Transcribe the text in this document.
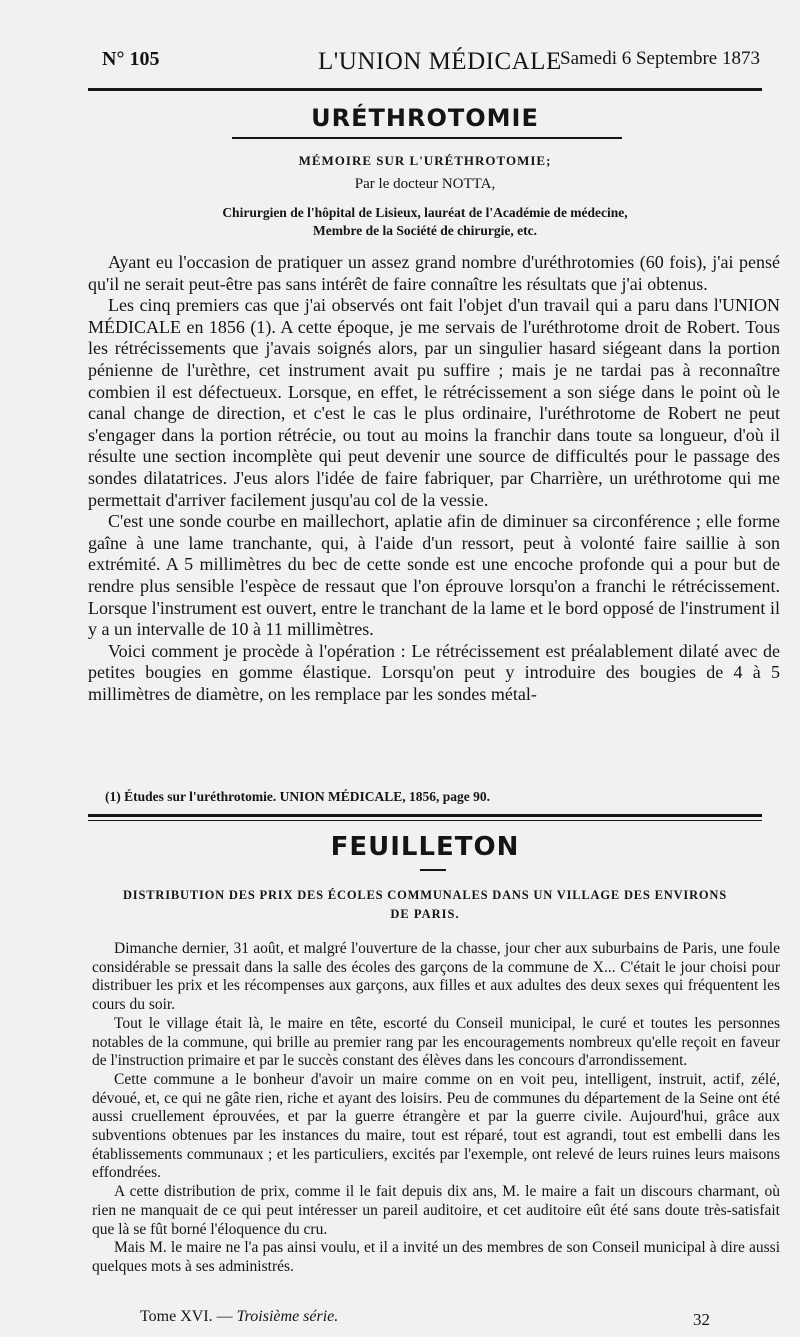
N° 105	L'UNION MÉDICALE
Samedi 6 Septembre 1873
URÉTHROTOMIE
MÉMOIRE SUR L'URÉTHROTOMIE;
Par le docteur NOTTA,
Chirurgien de l'hôpital de Lisieux, lauréat de l'Académie de médecine,
Membre de la Société de chirurgie, etc.

Ayant eu l'occasion de pratiquer un assez grand nombre d'uréthrotomies (60 fois), j'ai pensé qu'il ne serait peut-être pas sans intérêt de faire connaître les résultats que j'ai obtenus.

Les cinq premiers cas que j'ai observés ont fait l'objet d'un travail qui a paru dans l'UNION MÉDICALE en 1856 (1). A cette époque, je me servais de l'uréthrotome droit de Robert. Tous les rétrécissements que j'avais soignés alors, par un singulier hasard siégeant dans la portion pénienne de l'urèthre, cet instrument avait pu suffire ; mais je ne tardai pas à reconnaître combien il est défectueux. Lorsque, en effet, le rétrécissement a son siége dans le point où le canal change de direction, et c'est le cas le plus ordinaire, l'uréthrotome de Robert ne peut s'engager dans la portion rétrécie, ou tout au moins la franchir dans toute sa longueur, d'où il résulte une section incomplète qui peut devenir une source de difficultés pour le passage des sondes dilatatrices. J'eus alors l'idée de faire fabriquer, par Charrière, un uréthrotome qui me permettait d'arriver facilement jusqu'au col de la vessie.

C'est une sonde courbe en maillechort, aplatie afin de diminuer sa circonférence ; elle forme gaîne à une lame tranchante, qui, à l'aide d'un ressort, peut à volonté faire saillie à son extrémité. A 5 millimètres du bec de cette sonde est une encoche profonde qui a pour but de rendre plus sensible l'espèce de ressaut que l'on éprouve lorsqu'on a franchi le rétrécissement. Lorsque l'instrument est ouvert, entre le tranchant de la lame et le bord opposé de l'instrument il y a un intervalle de 10 à 11 millimètres.

Voici comment je procède à l'opération : Le rétrécissement est préalablement dilaté avec de petites bougies en gomme élastique. Lorsqu'on peut y introduire des bougies de 4 à 5 millimètres de diamètre, on les remplace par les sondes métal-

(1) Études sur l'uréthrotomie. UNION MÉDICALE, 1856, page 90.
FEUILLETON
DISTRIBUTION DES PRIX DES ÉCOLES COMMUNALES DANS UN VILLAGE DES ENVIRONS
DE PARIS.

Dimanche dernier, 31 août, et malgré l'ouverture de la chasse, jour cher aux suburbains de Paris, une foule considérable se pressait dans la salle des écoles des garçons de la commune de X... C'était le jour choisi pour distribuer les prix et les récompenses aux garçons, aux filles et aux adultes des deux sexes qui fréquentent les cours du soir.

Tout le village était là, le maire en tête, escorté du Conseil municipal, le curé et toutes les personnes notables de la commune, qui brille au premier rang par les encouragements nombreux qu'elle reçoit en faveur de l'instruction primaire et par le succès constant des élèves dans les concours d'arrondissement.

Cette commune a le bonheur d'avoir un maire comme on en voit peu, intelligent, instruit, actif, zélé, dévoué, et, ce qui ne gâte rien, riche et ayant des loisirs. Peu de communes du département de la Seine ont été aussi cruellement éprouvées, et par la guerre étrangère et par la guerre civile. Aujourd'hui, grâce aux subventions obtenues par les instances du maire, tout est réparé, tout est agrandi, tout est embelli dans les établissements communaux ; et les particuliers, excités par l'exemple, ont relevé de leurs ruines leurs maisons effondrées.

A cette distribution de prix, comme il le fait depuis dix ans, M. le maire a fait un discours charmant, où rien ne manquait de ce qui peut intéresser un pareil auditoire, et cet auditoire eût été sans doute très-satisfait que là se fût borné l'éloquence du cru.

Mais M. le maire ne l'a pas ainsi voulu, et il a invité un des membres de son Conseil municipal à dire aussi quelques mots à ses administrés.

Tome XVI. — Troisième série.	32
